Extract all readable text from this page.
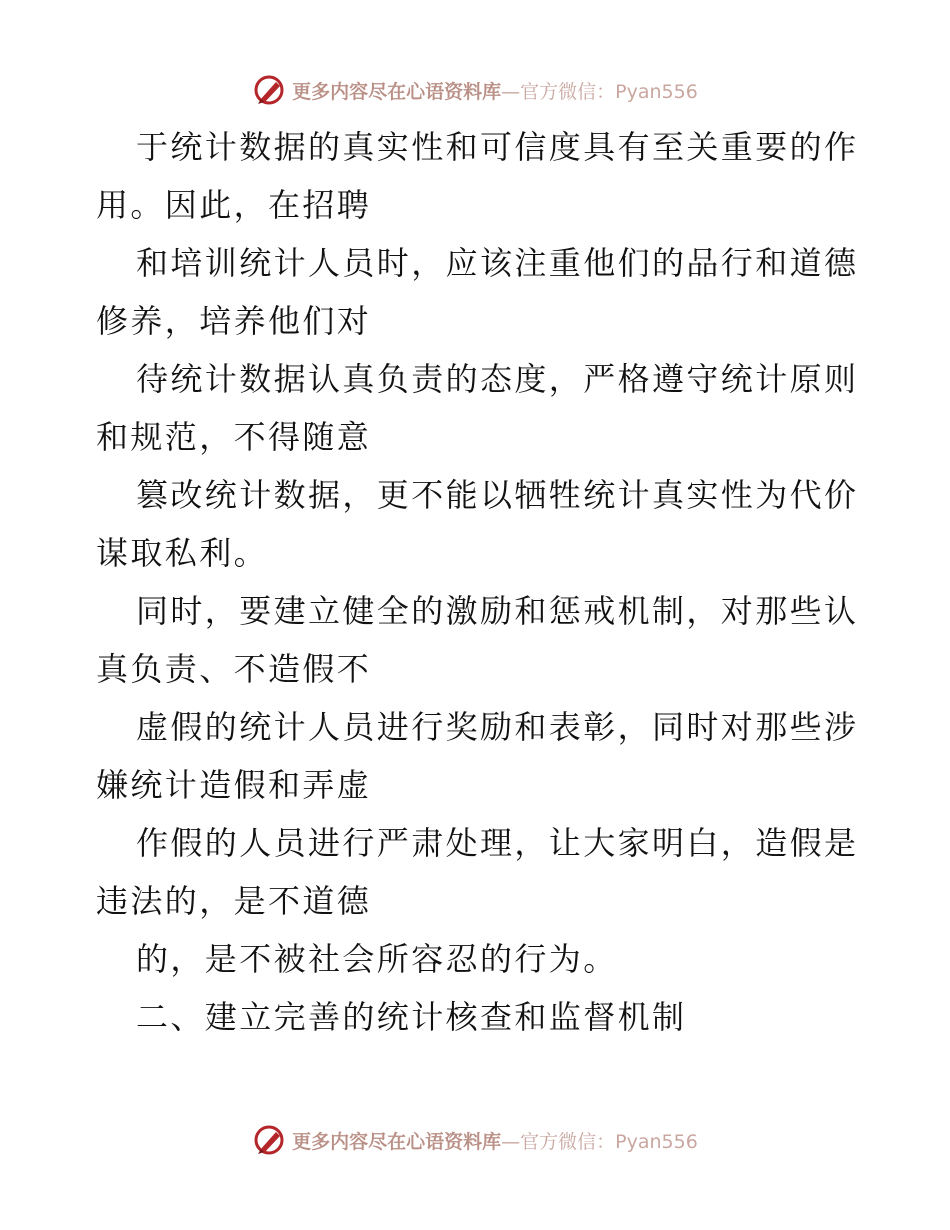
更多内容尽在心语资料库—官方微信：Pyan556
于统计数据的真实性和可信度具有至关重要的作
用。因此，在招聘
和培训统计人员时，应该注重他们的品行和道德
修养，培养他们对
待统计数据认真负责的态度，严格遵守统计原则
和规范，不得随意
篡改统计数据，更不能以牺牲统计真实性为代价
谋取私利。
同时，要建立健全的激励和惩戒机制，对那些认
真负责、不造假不
虚假的统计人员进行奖励和表彰，同时对那些涉
嫌统计造假和弄虚
作假的人员进行严肃处理，让大家明白，造假是
违法的，是不道德
的，是不被社会所容忍的行为。
二、建立完善的统计核查和监督机制
更多内容尽在心语资料库—官方微信：Pyan556
